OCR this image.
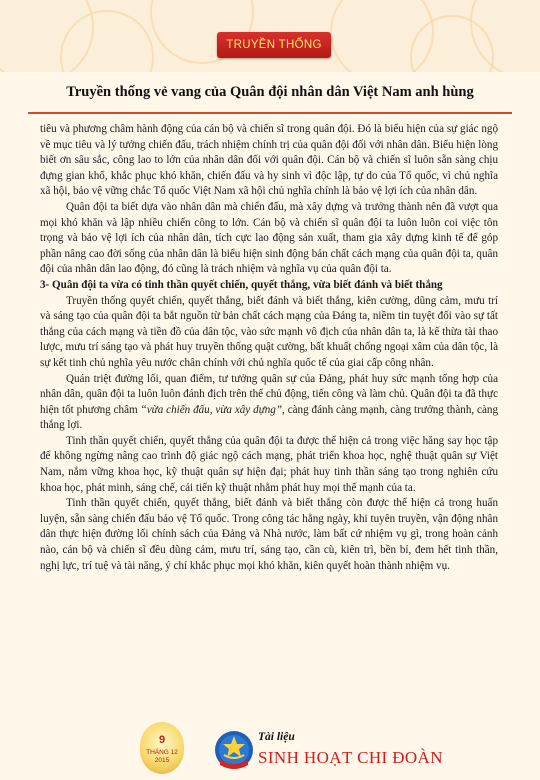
TRUYỀN THỐNG
Truyền thống vẻ vang của Quân đội nhân dân Việt Nam anh hùng

tiêu và phương châm hành động của cán bộ và chiến sĩ trong quân đội. Đó là biểu hiện của sự giác ngộ về mục tiêu và lý tưởng chiến đấu, trách nhiệm chính trị của quân đội đối với nhân dân. Biểu hiện lòng biết ơn sâu sắc, công lao to lớn của nhân dân đối với quân đội. Cán bộ và chiến sĩ luôn sẵn sàng chịu đựng gian khổ, khắc phục khó khăn, chiến đấu và hy sinh vì độc lập, tự do của Tổ quốc, vì chủ nghĩa xã hội, bảo vệ vững chắc Tổ quốc Việt Nam xã hội chủ nghĩa chính là bảo vệ lợi ích của nhân dân.

Quân đội ta biết dựa vào nhân dân mà chiến đấu, mà xây dựng và trưởng thành nên đã vượt qua mọi khó khăn và lập nhiều chiến công to lớn. Cán bộ và chiến sĩ quân đội ta luôn luôn coi việc tôn trọng và bảo vệ lợi ích của nhân dân, tích cực lao động sản xuất, tham gia xây dựng kinh tế để góp phần nâng cao đời sống của nhân dân là biểu hiện sinh động bản chất cách mạng của quân đội ta, quân đội của nhân dân lao động, đó cũng là trách nhiệm và nghĩa vụ của quân đội ta.

3- Quân đội ta vừa có tinh thần quyết chiến, quyết thắng, vừa biết đánh và biết thắng

Truyền thống quyết chiến, quyết thắng, biết đánh và biết thắng, kiên cường, dũng cảm, mưu trí và sáng tạo của quân đội ta bắt nguồn từ bản chất cách mạng của Đảng ta, niềm tin tuyệt đối vào sự tất thắng của cách mạng và tiền đồ của dân tộc, vào sức mạnh vô địch của nhân dân ta, là kế thừa tài thao lược, mưu trí sáng tạo và phát huy truyền thống quật cường, bất khuất chống ngoại xâm của dân tộc, là sự kết tinh chủ nghĩa yêu nước chân chính với chủ nghĩa quốc tế của giai cấp công nhân.

Quán triệt đường lối, quan điểm, tư tưởng quân sự của Đảng, phát huy sức mạnh tổng hợp của nhân dân, quân đội ta luôn luôn đánh địch trên thế chủ động, tiến công và làm chủ. Quân đội ta đã thực hiện tốt phương châm “vừa chiến đấu, vừa xây dựng”, càng đánh càng mạnh, càng trưởng thành, càng thắng lợi.

Tinh thần quyết chiến, quyết thắng của quân đội ta được thể hiện cả trong việc hăng say học tập để không ngừng nâng cao trình độ giác ngộ cách mạng, phát triển khoa học, nghệ thuật quân sự Việt Nam, nắm vững khoa học, kỹ thuật quân sự hiện đại; phát huy tinh thần sáng tạo trong nghiên cứu khoa học, phát minh, sáng chế, cải tiến kỹ thuật nhằm phát huy mọi thế mạnh của ta.

Tinh thần quyết chiến, quyết thắng, biết đánh và biết thắng còn được thể hiện cả trong huấn luyện, sẵn sàng chiến đấu bảo vệ Tổ quốc. Trong công tác hằng ngày, khi tuyên truyền, vận động nhân dân thực hiện đường lối chính sách của Đảng và Nhà nước, làm bất cứ nhiệm vụ gì, trong hoàn cảnh nào, cán bộ và chiến sĩ đều dũng cảm, mưu trí, sáng tạo, cần cù, kiên trì, bền bỉ, đem hết tinh thần, nghị lực, trí tuệ và tài năng, ý chí khắc phục mọi khó khăn, kiên quyết hoàn thành nhiệm vụ.

9
THÁNG 12
2015
Tài liệu
SINH HOẠT CHI ĐOÀN
